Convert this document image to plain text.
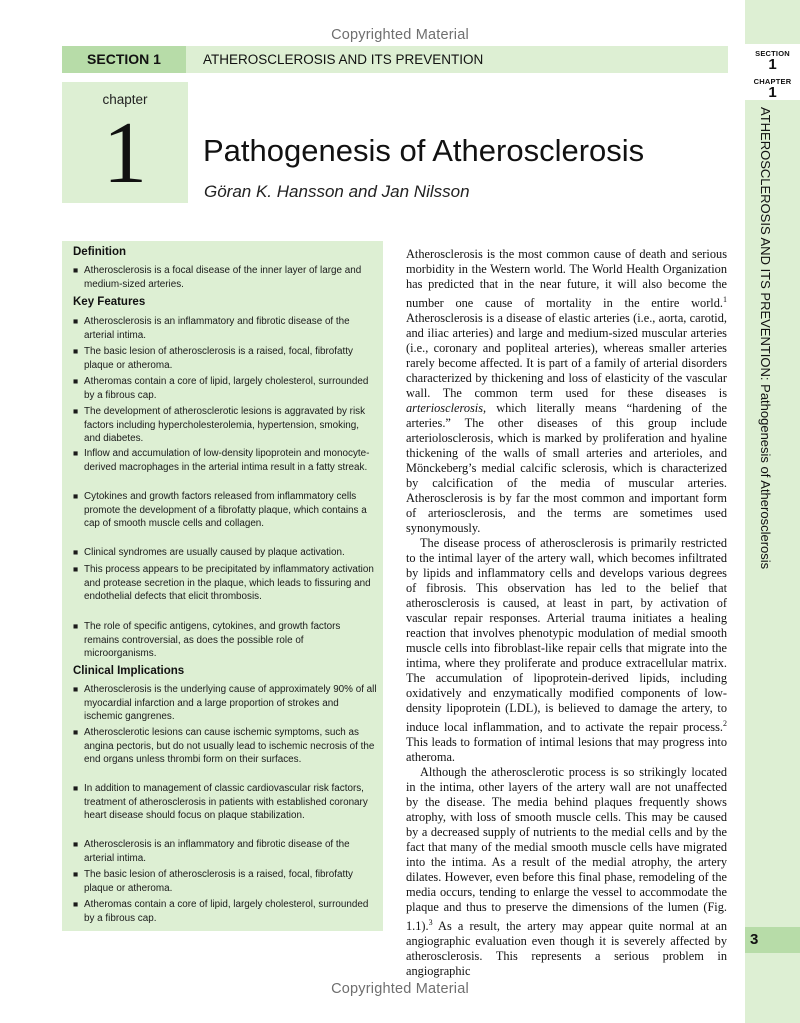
Copyrighted Material
SECTION 1	ATHEROSCLEROSIS AND ITS PREVENTION
chapter
1	Pathogenesis of Atherosclerosis
Göran K. Hansson and Jan Nilsson
SECTION
1
CHAPTER
1
ATHEROSCLEROSIS AND ITS PREVENTION: Pathogenesis of Atherosclerosis
3
Definition
■ Atherosclerosis is a focal disease of the inner layer of large and medium-sized arteries.
Key Features
■ Atherosclerosis is an inflammatory and fibrotic disease of the arterial intima.
■ The basic lesion of atherosclerosis is a raised, focal, fibrofatty plaque or atheroma.
■ Atheromas contain a core of lipid, largely cholesterol, surrounded by a fibrous cap.
■ The development of atherosclerotic lesions is aggravated by risk factors including hypercholesterolemia, hypertension, smoking, and diabetes.
■ Inflow and accumulation of low-density lipoprotein and monocyte-derived macrophages in the arterial intima result in a fatty streak.
■ Cytokines and growth factors released from inflammatory cells promote the development of a fibrofatty plaque, which contains a cap of smooth muscle cells and collagen.
■ Clinical syndromes are usually caused by plaque activation.
■ This process appears to be precipitated by inflammatory activation and protease secretion in the plaque, which leads to fissuring and endothelial defects that elicit thrombosis.
■ The role of specific antigens, cytokines, and growth factors remains controversial, as does the possible role of microorganisms.
Clinical Implications
■ Atherosclerosis is the underlying cause of approximately 90% of all myocardial infarction and a large proportion of strokes and ischemic gangrenes.
■ Atherosclerotic lesions can cause ischemic symptoms, such as angina pectoris, but do not usually lead to ischemic necrosis of the end organs unless thrombi form on their surfaces.
■ In addition to management of classic cardiovascular risk factors, treatment of atherosclerosis in patients with established coronary heart disease should focus on plaque stabilization.
■ Atherosclerosis is an inflammatory and fibrotic disease of the arterial intima.
■ The basic lesion of atherosclerosis is a raised, focal, fibrofatty plaque or atheroma.
■ Atheromas contain a core of lipid, largely cholesterol, surrounded by a fibrous cap.

Atherosclerosis is the most common cause of death and serious morbidity in the Western world. The World Health Organization has predicted that in the near future, it will also become the number one cause of mortality in the entire world.$^1$ Atherosclerosis is a disease of elastic arteries (i.e., aorta, carotid, and iliac arteries) and large and medium-sized muscular arteries (i.e., coronary and popliteal arteries), whereas smaller arteries rarely become affected. It is part of a family of arterial disorders characterized by thickening and loss of elasticity of the vascular wall. The common term used for these diseases is arteriosclerosis, which literally means “hardening of the arteries.” The other diseases of this group include arteriolosclerosis, which is marked by proliferation and hyaline thickening of the walls of small arteries and arterioles, and Mönckeberg’s medial calcific sclerosis, which is characterized by calcification of the media of muscular arteries. Atherosclerosis is by far the most common and important form of arteriosclerosis, and the terms are sometimes used synonymously.

The disease process of atherosclerosis is primarily restricted to the intimal layer of the artery wall, which becomes infiltrated by lipids and inflammatory cells and develops various degrees of fibrosis. This observation has led to the belief that atherosclerosis is caused, at least in part, by activation of vascular repair responses. Arterial trauma initiates a healing reaction that involves phenotypic modulation of medial smooth muscle cells into fibroblast-like repair cells that migrate into the intima, where they proliferate and produce extracellular matrix. The accumulation of lipoprotein-derived lipids, including oxidatively and enzymatically modified components of low-density lipoprotein (LDL), is believed to damage the artery, to induce local inflammation, and to activate the repair process.$^2$ This leads to formation of intimal lesions that may progress into atheroma.

Although the atherosclerotic process is so strikingly located in the intima, other layers of the artery wall are not unaffected by the disease. The media behind plaques frequently shows atrophy, with loss of smooth muscle cells. This may be caused by a decreased supply of nutrients to the medial cells and by the fact that many of the medial smooth muscle cells have migrated into the intima. As a result of the medial atrophy, the artery dilates. However, even before this final phase, remodeling of the media occurs, tending to enlarge the vessel to accommodate the plaque and thus to preserve the dimensions of the lumen (Fig. 1.1).$^3$ As a result, the artery may appear quite normal at an angiographic evaluation even though it is severely affected by atherosclerosis. This represents a serious problem in angiographic

Copyrighted Material
